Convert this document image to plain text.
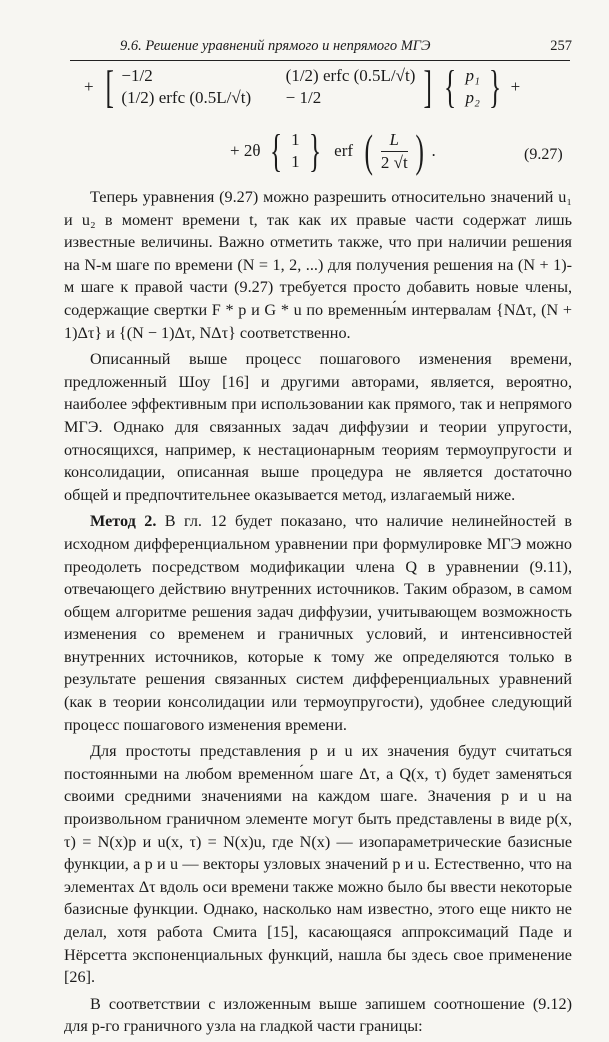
9.6. Решение уравнений прямого и непрямого МГЭ	257
+ [ −1/2	(1/2) erfc (0.5L/√t)
(1/2) erfc (0.5L/√t) − 1/2	] { p₁
p₂ } +
+ 2θ { 1
1 } erf ( $\frac{L}{2 √t}$ ) .	(9.27)

Теперь уравнения (9.27) можно разрешить относительно значений u₁ и u₂ в момент времени t, так как их правые части содержат лишь известные величины. Важно отметить также, что при наличии решения на N-м шаге по времени (N = 1, 2, ...) для получения решения на (N + 1)-м шаге к правой части (9.27) требуется просто добавить новые члены, содержащие свертки F * p и G * u по временны́м интервалам {NΔτ, (N + 1)Δτ} и {(N − 1)Δτ, NΔτ} соответственно.

Описанный выше процесс пошагового изменения времени, предложенный Шоу [16] и другими авторами, является, вероятно, наиболее эффективным при использовании как прямого, так и непрямого МГЭ. Однако для связанных задач диффузии и теории упругости, относящихся, например, к нестационарным теориям термоупругости и консолидации, описанная выше процедура не является достаточно общей и предпочтительнее оказывается метод, излагаемый ниже.

Метод 2. В гл. 12 будет показано, что наличие нелинейностей в исходном дифференциальном уравнении при формулировке МГЭ можно преодолеть посредством модификации члена Q в уравнении (9.11), отвечающего действию внутренних источников. Таким образом, в самом общем алгоритме решения задач диффузии, учитывающем возможность изменения со временем и граничных условий, и интенсивностей внутренних источников, которые к тому же определяются только в результате решения связанных систем дифференциальных уравнений (как в теории консолидации или термоупругости), удобнее следующий процесс пошагового изменения времени.

Для простоты представления p и u их значения будут считаться постоянными на любом временно́м шаге Δτ, а Q(x, τ) будет заменяться своими средними значениями на каждом шаге. Значения p и u на произвольном граничном элементе могут быть представлены в виде p(x, τ) = N(x)p и u(x, τ) = N(x)u, где N(x) — изопараметрические базисные функции, а p и u — векторы узловых значений p и u. Естественно, что на элементах Δτ вдоль оси времени также можно было бы ввести некоторые базисные функции. Однако, насколько нам известно, этого еще никто не делал, хотя работа Смита [15], касающаяся аппроксимаций Паде и Нёрсетта экспоненциальных функций, нашла бы здесь свое применение [26].

В соответствии с изложенным выше запишем соотношение (9.12) для p-го граничного узла на гладкой части границы:
